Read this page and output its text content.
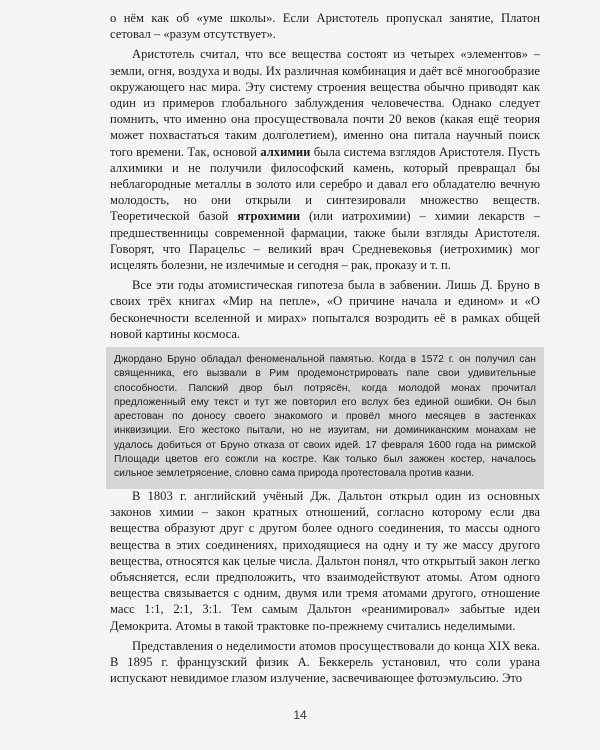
о нём как об «уме школы». Если Аристотель пропускал занятие, Платон сетовал – «разум отсутствует».

Аристотель считал, что все вещества состоят из четырех «элементов» – земли, огня, воздуха и воды. Их различная комбинация и даёт всё многообразие окружающего нас мира. Эту систему строения вещества обычно приводят как один из примеров глобального заблуждения человечества. Однако следует помнить, что именно она просуществовала почти 20 веков (какая ещё теория может похвастаться таким долголетием), именно она питала научный поиск того времени. Так, основой алхимии была система взглядов Аристотеля. Пусть алхимики и не получили философский камень, который превращал бы неблагородные металлы в золото или серебро и давал его обладателю вечную молодость, но они открыли и синтезировали множество веществ. Теоретической базой ятрохимии (или иатрохимии) – химии лекарств – предшественницы современной фармации, также были взгляды Аристотеля. Говорят, что Парацельс – великий врач Средневековья (иетрохимик) мог исцелять болезни, не излечимые и сегодня – рак, проказу и т. п.

Все эти годы атомистическая гипотеза была в забвении. Лишь Д. Бруно в своих трёх книгах «Мир на пепле», «О причине начала и едином» и «О бесконечности вселенной и мирах» попытался возродить её в рамках общей новой картины космоса.

Джордано Бруно обладал феноменальной памятью. Когда в 1572 г. он получил сан священника, его вызвали в Рим продемонстрировать папе свои удивительные способности. Папский двор был потрясён, когда молодой монах прочитал предложенный ему текст и тут же повторил его вслух без единой ошибки. Он был арестован по доносу своего знакомого и провёл много месяцев в застенках инквизиции. Его жестоко пытали, но не изуитам, ни доминиканским монахам не удалось добиться от Бруно отказа от своих идей. 17 февраля 1600 года на римской Площади цветов его сожгли на костре. Как только был зажжен костер, началось сильное землетрясение, словно сама природа протестовала против казни.

В 1803 г. английский учёный Дж. Дальтон открыл один из основных законов химии – закон кратных отношений, согласно которому если два вещества образуют друг с другом более одного соединения, то массы одного вещества в этих соединениях, приходящиеся на одну и ту же массу другого вещества, относятся как целые числа. Дальтон понял, что открытый закон легко объясняется, если предположить, что взаимодействуют атомы. Атом одного вещества связывается с одним, двумя или тремя атомами другого, отношение масс 1:1, 2:1, 3:1. Тем самым Дальтон «реанимировал» забытые идеи Демокрита. Атомы в такой трактовке по-прежнему считались неделимыми.

Представления о неделимости атомов просуществовали до конца XIX века. В 1895 г. французский физик А. Беккерель установил, что соли урана испускают невидимое глазом излучение, засвечивающее фотоэмульсию. Это

14
